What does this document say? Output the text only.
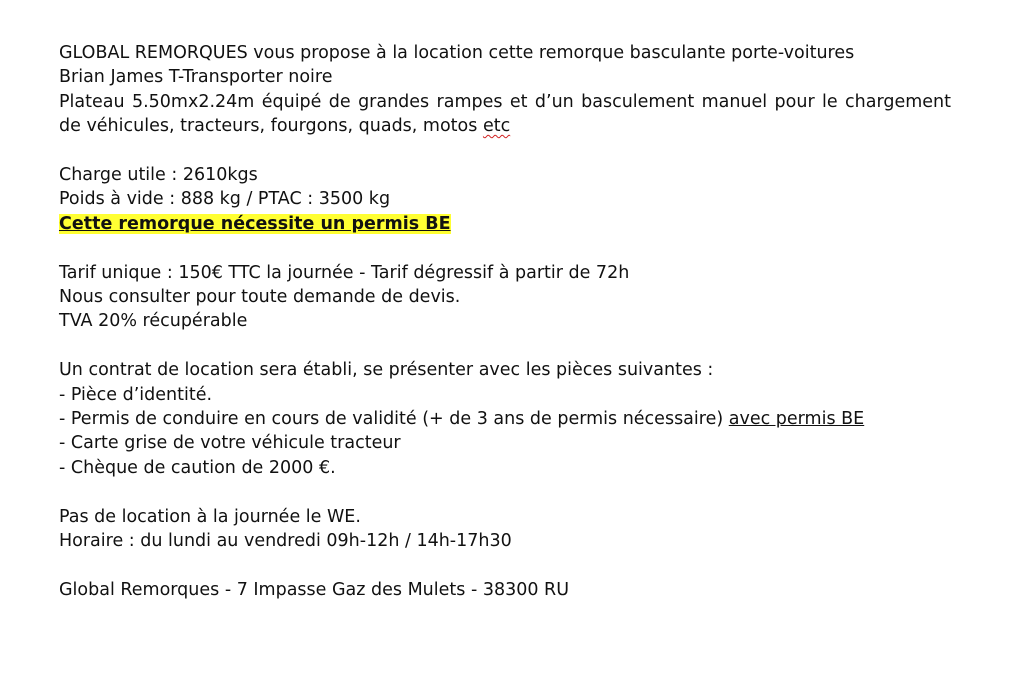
GLOBAL REMORQUES vous propose à la location cette remorque basculante porte-voitures

Brian James T-Transporter noire

Plateau 5.50mx2.24m équipé de grandes rampes et d’un basculement manuel pour le chargement de véhicules, tracteurs, fourgons, quads, motos etc

Charge utile : 2610kgs
Poids à vide : 888 kg / PTAC : 3500 kg
Cette remorque nécessite un permis BE
Tarif unique : 150€ TTC la journée - Tarif dégressif à partir de 72h
Nous consulter pour toute demande de devis.
TVA 20% récupérable
Un contrat de location sera établi, se présenter avec les pièces suivantes :
- Pièce d’identité.
- Permis de conduire en cours de validité (+ de 3 ans de permis nécessaire) avec permis BE
- Carte grise de votre véhicule tracteur
- Chèque de caution de 2000 €.
Pas de location à la journée le WE.
Horaire : du lundi au vendredi 09h-12h / 14h-17h30
Global Remorques - 7 Impasse Gaz des Mulets - 38300 RU
